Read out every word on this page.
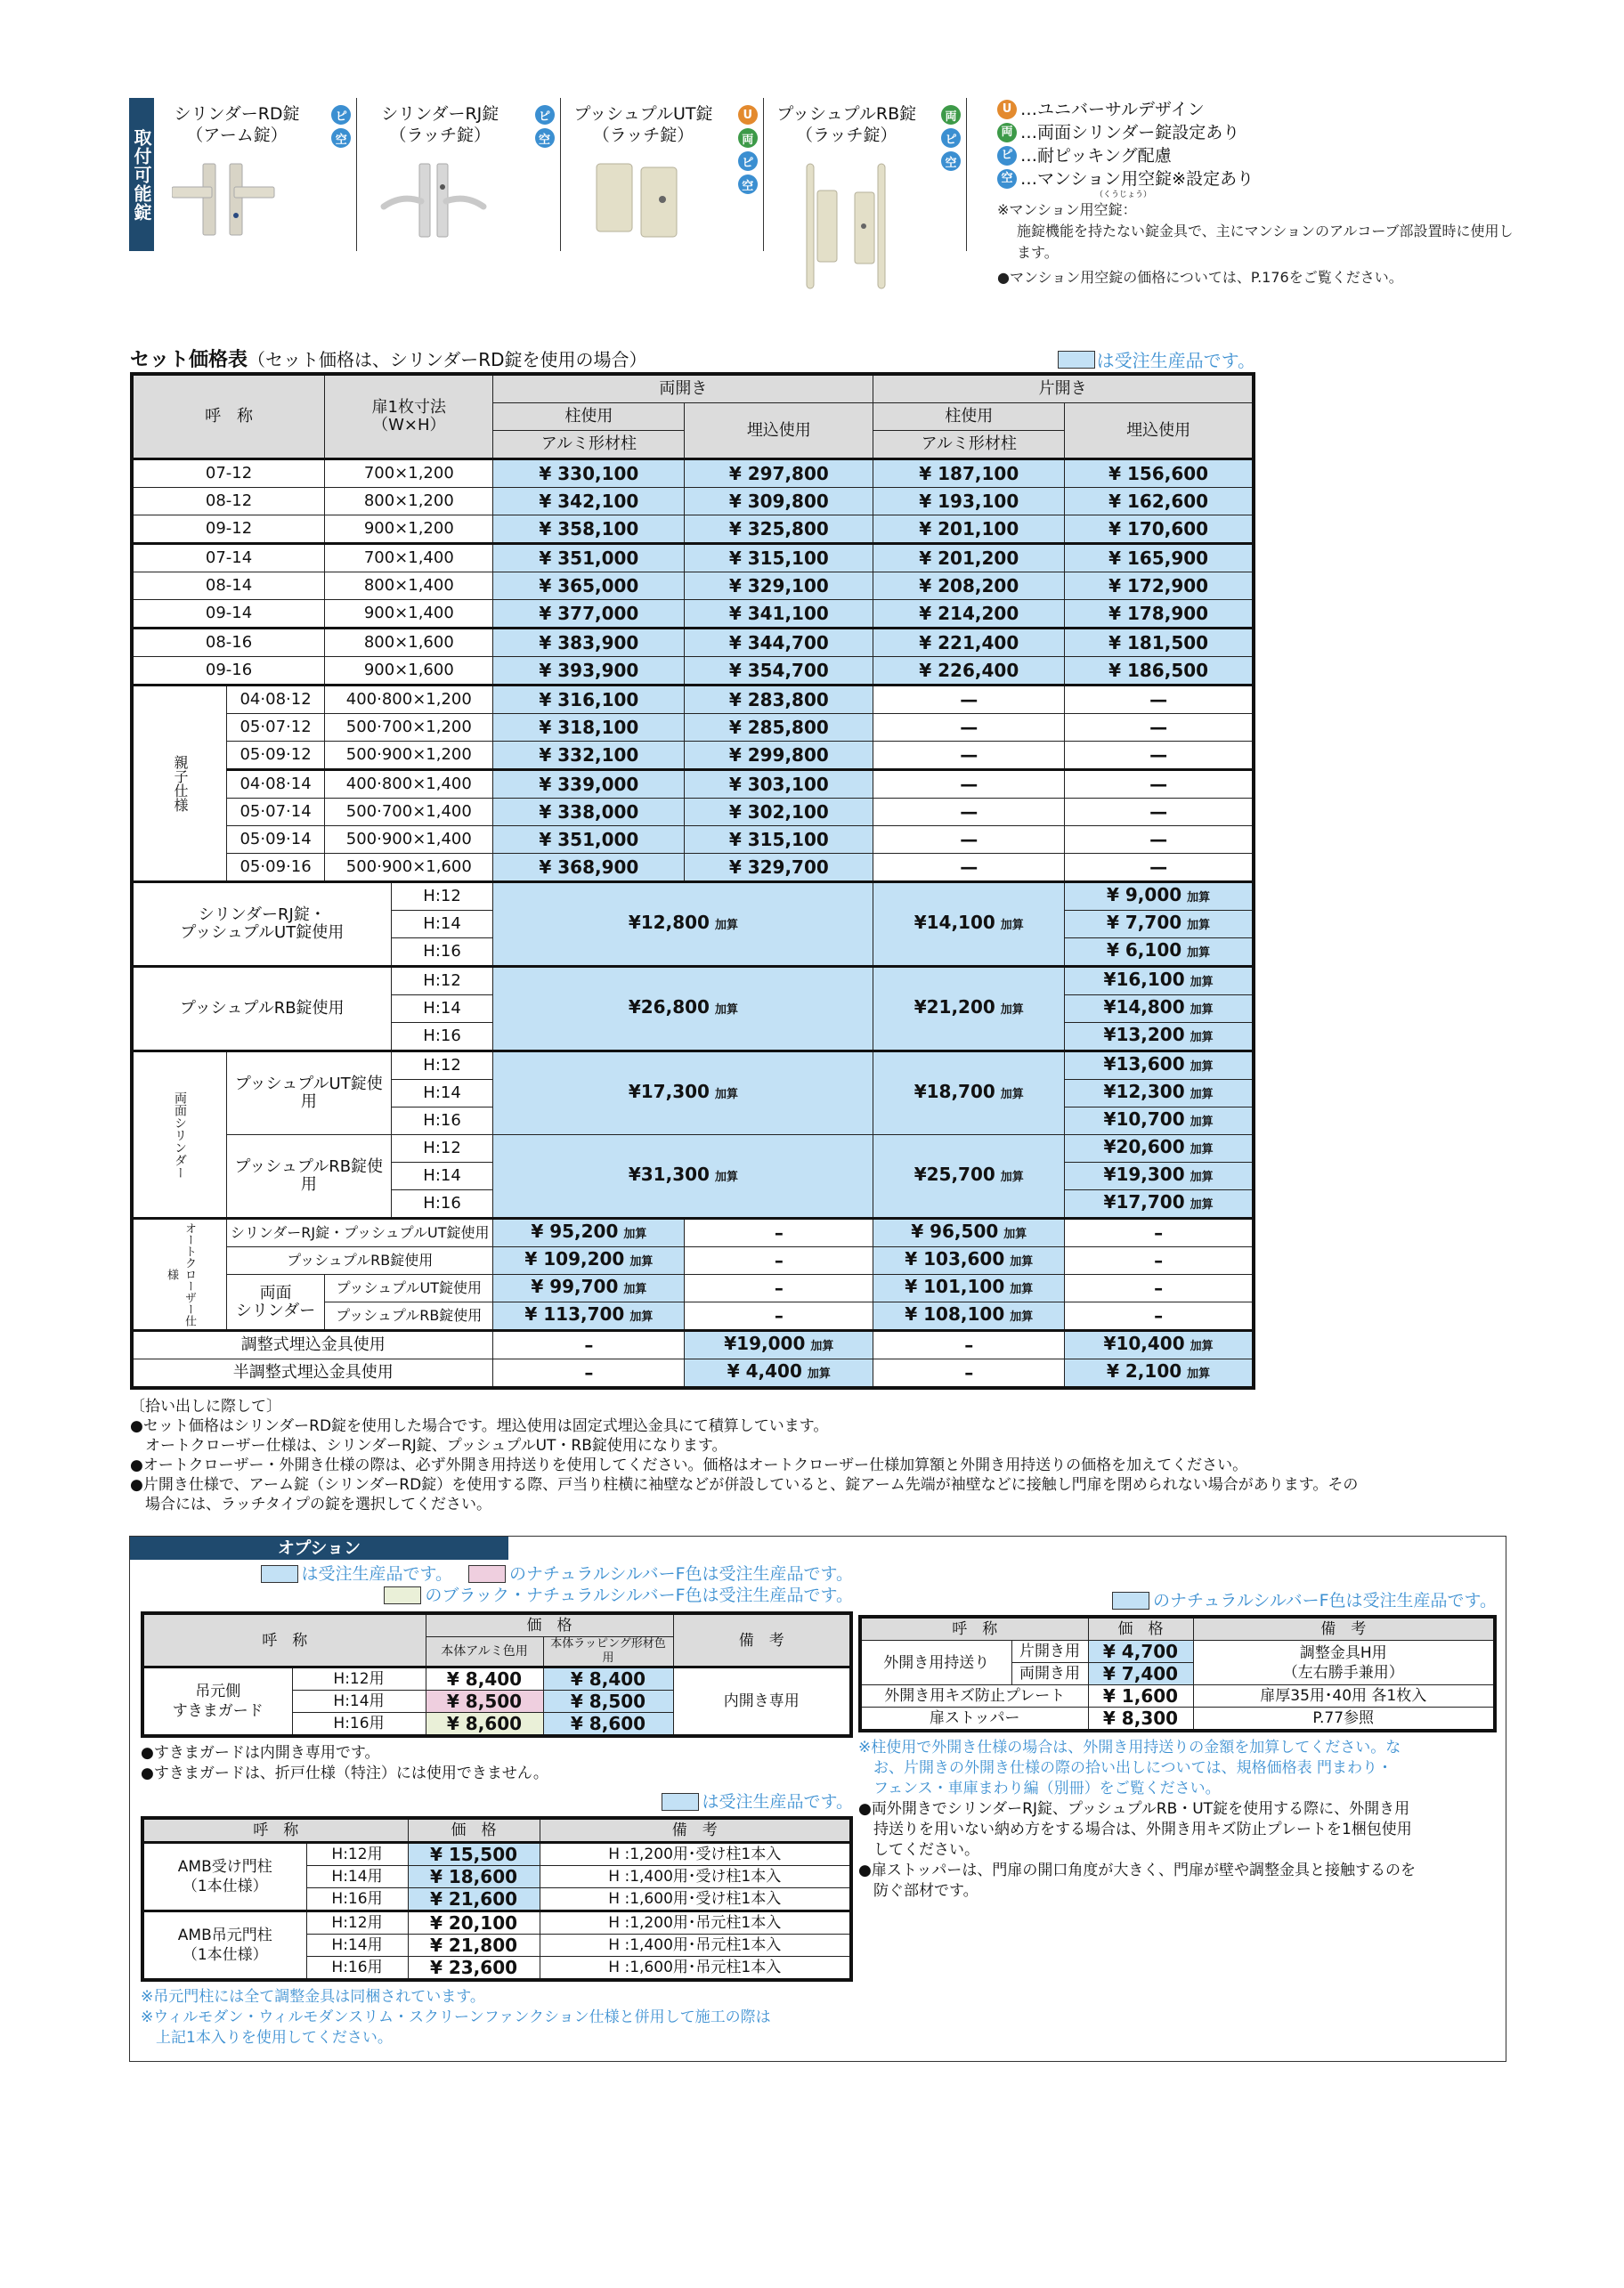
取付可能錠
シリンダーRD錠
（アーム錠）
ピ
空
シリンダーRJ錠
（ラッチ錠）
ピ
空
プッシュプルUT錠
（ラッチ錠）
U
両
ピ
空
プッシュプルRB錠
（ラッチ錠）
両
ピ
空
U …ユニバーサルデザイン
両 …両面シリンダー錠設定あり
ピ …耐ピッキング配慮
空 …マンション用空錠※設定あり
（くうじょう）
※マンション用空錠：
施錠機能を持たない錠金具で、主にマンションのアルコーブ部設置時に使用します。
●マンション用空錠の価格については、P.176をご覧ください。
セット価格表（セット価格は、シリンダーRD錠を使用の場合）	は受注生産品です。
呼　称		扉1枚寸法
（W×H）		両開き		片開き	
				柱使用	埋込使用	柱使用	埋込使用
				アルミ形材柱		アルミ形材柱	
07-12		700×1,200		¥ 330,100	¥ 297,800	¥ 187,100	¥ 156,600
08-12		800×1,200		¥ 342,100	¥ 309,800	¥ 193,100	¥ 162,600
09-12		900×1,200		¥ 358,100	¥ 325,800	¥ 201,100	¥ 170,600
07-14		700×1,400		¥ 351,000	¥ 315,100	¥ 201,200	¥ 165,900
08-14		800×1,400		¥ 365,000	¥ 329,100	¥ 208,200	¥ 172,900
09-14		900×1,400		¥ 377,000	¥ 341,100	¥ 214,200	¥ 178,900
08-16		800×1,600		¥ 383,900	¥ 344,700	¥ 221,400	¥ 181,500
09-16		900×1,600		¥ 393,900	¥ 354,700	¥ 226,400	¥ 186,500
親子仕様	04·08·12	400·800×1,200		¥ 316,100	¥ 283,800	—	—
	05·07·12	500·700×1,200		¥ 318,100	¥ 285,800	—	—
	05·09·12	500·900×1,200		¥ 332,100	¥ 299,800	—	—
	04·08·14	400·800×1,400		¥ 339,000	¥ 303,100	—	—
	05·07·14	500·700×1,400		¥ 338,000	¥ 302,100	—	—
	05·09·14	500·900×1,400		¥ 351,000	¥ 315,100	—	—
	05·09·16	500·900×1,600		¥ 368,900	¥ 329,700	—	—

シリンダーRJ錠・
プッシュプルUT錠使用			H:12	¥12,800 加算		¥14,100 加算	¥ 9,000 加算
			H:14				¥ 7,700 加算
			H:16				¥ 6,100 加算

プッシュプルRB錠使用			H:12	¥26,800 加算		¥21,200 加算	¥16,100 加算
			H:14				¥14,800 加算
			H:16				¥13,200 加算
両面シリンダー	プッシュプルUT錠使用		H:12	¥17,300 加算		¥18,700 加算	¥13,600 加算
			H:14				¥12,300 加算
			H:16				¥10,700 加算
	プッシュプルRB錠使用		H:12	¥31,300 加算		¥25,700 加算	¥20,600 加算
			H:14				¥19,300 加算
			H:16				¥17,700 加算
オートクローザー仕様	シリンダーRJ錠・プッシュプルUT錠使用			¥ 95,200 加算	–	¥ 96,500 加算	–
	プッシュプルRB錠使用			¥ 109,200 加算	–	¥ 103,600 加算	–

	両面
シリンダー	プッシュプルUT錠使用		¥ 99,700 加算	–	¥ 101,100 加算	–
		プッシュプルRB錠使用		¥ 113,700 加算	–	¥ 108,100 加算	–
調整式埋込金具使用				–	¥19,000 加算	–	¥10,400 加算
半調整式埋込金具使用				–	¥ 4,400 加算	–	¥ 2,100 加算
〔拾い出しに際して〕
●セット価格はシリンダーRD錠を使用した場合です。埋込使用は固定式埋込金具にて積算しています。
　オートクローザー仕様は、シリンダーRJ錠、プッシュプルUT・RB錠使用になります。
●オートクローザー・外開き仕様の際は、必ず外開き用持送りを使用してください。価格はオートクローザー仕様加算額と外開き用持送りの価格を加えてください。
●片開き仕様で、アーム錠（シリンダーRD錠）を使用する際、戸当り柱横に袖壁などが併設していると、錠アーム先端が袖壁などに接触し門扉を閉められない場合があります。その
　場合には、ラッチタイプの錠を選択してください。
オプション
は受注生産品です。	のナチュラルシルバーF色は受注生産品です。
のブラック・ナチュラルシルバーF色は受注生産品です。
呼　称		価　格		備　考
		本体アルミ色用	本体ラッピング形材色用	

吊元側
すきまガード	H:12用	¥ 8,400	¥ 8,400	内開き専用
	H:14用	¥ 8,500	¥ 8,500	
	H:16用	¥ 8,600	¥ 8,600	
●すきまガードは内開き専用です。
●すきまガードは、折戸仕様（特注）には使用できません。
は受注生産品です。
呼　称		価　格	備　考

AMB受け門柱
（1本仕様）	H:12用	¥ 15,500	H :1,200用･受け柱1本入
	H:14用	¥ 18,600	H :1,400用･受け柱1本入
	H:16用	¥ 21,600	H :1,600用･受け柱1本入

AMB吊元門柱
（1本仕様）	H:12用	¥ 20,100	H :1,200用･吊元柱1本入
	H:14用	¥ 21,800	H :1,400用･吊元柱1本入
	H:16用	¥ 23,600	H :1,600用･吊元柱1本入
※吊元門柱には全て調整金具は同梱されています。
※ウィルモダン・ウィルモダンスリム・スクリーンファンクション仕様と併用して施工の際は
　上記1本入りを使用してください。
のナチュラルシルバーF色は受注生産品です。
呼　称		価　格	備　考
外開き用持送り	片開き用	¥ 4,700	調整金具H用
（左右勝手兼用）

	両開き用	¥ 7,400	
外開き用キズ防止プレート		¥ 1,600	扉厚35用･40用 各1枚入
扉ストッパー		¥ 8,300	P.77参照
※柱使用で外開き仕様の場合は、外開き用持送りの金額を加算してください。な
　お、片開きの外開き仕様の際の拾い出しについては、規格価格表 門まわり・
　フェンス・車庫まわり編（別冊）をご覧ください。
●両外開きでシリンダーRJ錠、プッシュプルRB・UT錠を使用する際に、外開き用
　持送りを用いない納め方をする場合は、外開き用キズ防止プレートを1梱包使用
　してください。
●扉ストッパーは、門扉の開口角度が大きく、門扉が壁や調整金具と接触するのを
　防ぐ部材です。
